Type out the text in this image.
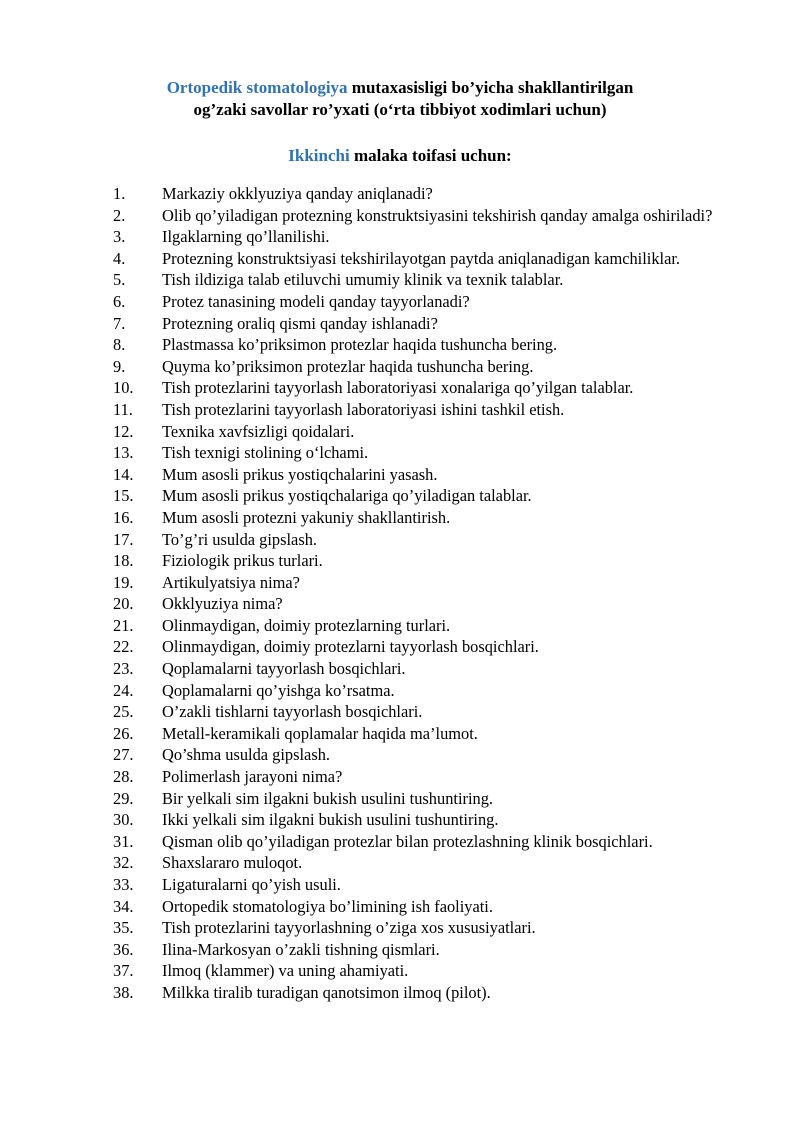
Ortopedik stomatologiya mutaxasisligi bo’yicha shakllantirilgan
og’zaki savollar ro’yxati (o‘rta tibbiyot xodimlari uchun)
Ikkinchi malaka toifasi uchun:
1.	Markaziy okklyuziya qanday aniqlanadi?
2.	Olib qo’yiladigan protezning konstruktsiyasini tekshirish qanday amalga oshiriladi?
3.	Ilgaklarning qo’llanilishi.
4.	Protezning konstruktsiyasi tekshirilayotgan paytda aniqlanadigan kamchiliklar.
5.	Tish ildiziga talab etiluvchi umumiy klinik va texnik talablar.
6.	Protez tanasining modeli qanday tayyorlanadi?
7.	Protezning oraliq qismi qanday ishlanadi?
8.	Plastmassa ko’priksimon protezlar haqida tushuncha bering.
9.	Quyma ko’priksimon protezlar haqida tushuncha bering.
10.	Tish protezlarini tayyorlash laboratoriyasi xonalariga qo’yilgan talablar.
11.	Tish protezlarini tayyorlash laboratoriyasi ishini tashkil etish.
12.	Texnika xavfsizligi qoidalari.
13.	Tish texnigi stolining o‘lchami.
14.	Mum asosli prikus yostiqchalarini yasash.
15.	Mum asosli prikus yostiqchalariga qo’yiladigan talablar.
16.	Mum asosli protezni yakuniy shakllantirish.
17.	To’g’ri usulda gipslash.
18.	Fiziologik prikus turlari.
19.	Artikulyatsiya nima?
20.	Okklyuziya nima?
21.	Olinmaydigan, doimiy protezlarning turlari.
22.	Olinmaydigan, doimiy protezlarni tayyorlash bosqichlari.
23.	Qoplamalarni tayyorlash bosqichlari.
24.	Qoplamalarni qo’yishga ko’rsatma.
25.	O’zakli tishlarni tayyorlash bosqichlari.
26.	Metall-keramikali qoplamalar haqida ma’lumot.
27.	Qo’shma usulda gipslash.
28.	Polimerlash jarayoni nima?
29.	Bir yelkali sim ilgakni bukish usulini tushuntiring.
30.	Ikki yelkali sim ilgakni bukish usulini tushuntiring.
31.	Qisman olib qo’yiladigan protezlar bilan protezlashning klinik bosqichlari.
32.	Shaxslararo muloqot.
33.	Ligaturalarni qo’yish usuli.
34.	Ortopedik stomatologiya bo’limining ish faoliyati.
35.	Tish protezlarini tayyorlashning o’ziga xos xususiyatlari.
36.	Ilina-Markosyan o’zakli tishning qismlari.
37.	Ilmoq (klammer) va uning ahamiyati.
38.	Milkka tiralib turadigan qanotsimon ilmoq (pilot).
